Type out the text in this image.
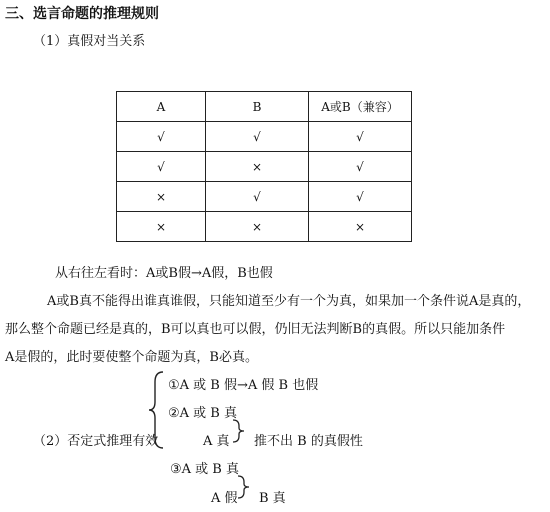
三、选言命题的推理规则
（1）真假对当关系
A	B	A或B（兼容）
√	√	√
√	×	√
×	√	√
×	×	×
从右往左看时：A或B假→A假，B也假
A或B真不能得出谁真谁假，只能知道至少有一个为真，如果加一个条件说A是真的，
那么整个命题已经是真的，B可以真也可以假，仍旧无法判断B的真假。所以只能加条件
A是假的，此时要使整个命题为真，B必真。
（2）否定式推理有效
①A 或 B 假→A 假 B 也假
②A 或 B 真
A 真 推不出 B 的真假性
③A 或 B 真
A 假 B 真
